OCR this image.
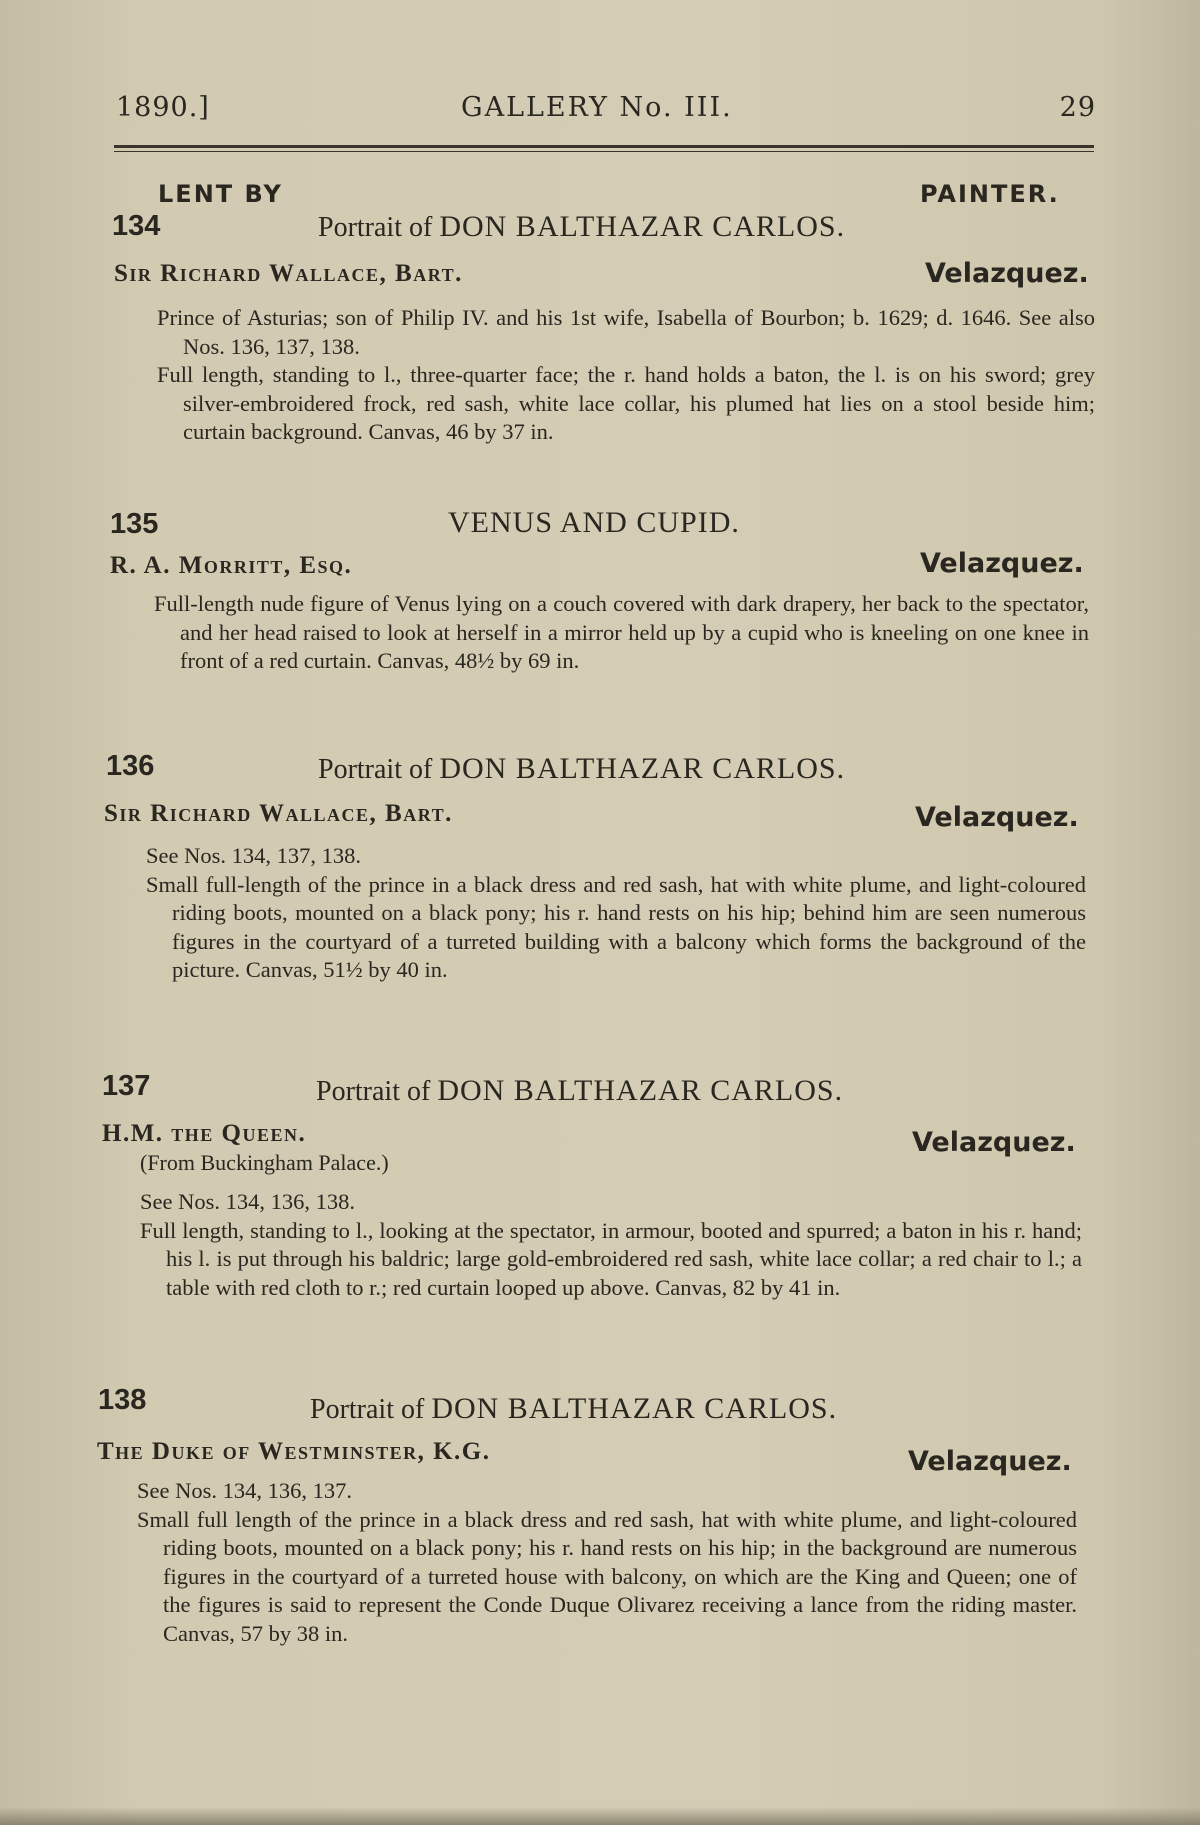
1890.]	GALLERY No. III.	29
LENT BY	PAINTER.
134	Portrait of DON BALTHAZAR CARLOS.
Sir Richard Wallace, Bart.	Velazquez.

Prince of Asturias; son of Philip IV. and his 1st wife, Isabella of Bourbon; b. 1629; d. 1646. See also Nos. 136, 137, 138.

Full length, standing to l., three-quarter face; the r. hand holds a baton, the l. is on his sword; grey silver-embroidered frock, red sash, white lace collar, his plumed hat lies on a stool beside him; curtain background. Canvas, 46 by 37 in.

135	VENUS AND CUPID.
R. A. Morritt, Esq.	Velazquez.

Full-length nude figure of Venus lying on a couch covered with dark drapery, her back to the spectator, and her head raised to look at herself in a mirror held up by a cupid who is kneeling on one knee in front of a red curtain. Canvas, 48½ by 69 in.

136	Portrait of DON BALTHAZAR CARLOS.
Sir Richard Wallace, Bart.	Velazquez.

See Nos. 134, 137, 138.

Small full-length of the prince in a black dress and red sash, hat with white plume, and light-coloured riding boots, mounted on a black pony; his r. hand rests on his hip; behind him are seen numerous figures in the courtyard of a turreted building with a balcony which forms the background of the picture. Canvas, 51½ by 40 in.

137	Portrait of DON BALTHAZAR CARLOS.
H.M. the Queen.
(From Buckingham Palace.)
Velazquez.

See Nos. 134, 136, 138.

Full length, standing to l., looking at the spectator, in armour, booted and spurred; a baton in his r. hand; his l. is put through his baldric; large gold-embroidered red sash, white lace collar; a red chair to l.; a table with red cloth to r.; red curtain looped up above. Canvas, 82 by 41 in.

138	Portrait of DON BALTHAZAR CARLOS.
The Duke of Westminster, K.G.	Velazquez.

See Nos. 134, 136, 137.

Small full length of the prince in a black dress and red sash, hat with white plume, and light-coloured riding boots, mounted on a black pony; his r. hand rests on his hip; in the background are numerous figures in the courtyard of a turreted house with balcony, on which are the King and Queen; one of the figures is said to represent the Conde Duque Olivarez receiving a lance from the riding master. Canvas, 57 by 38 in.
